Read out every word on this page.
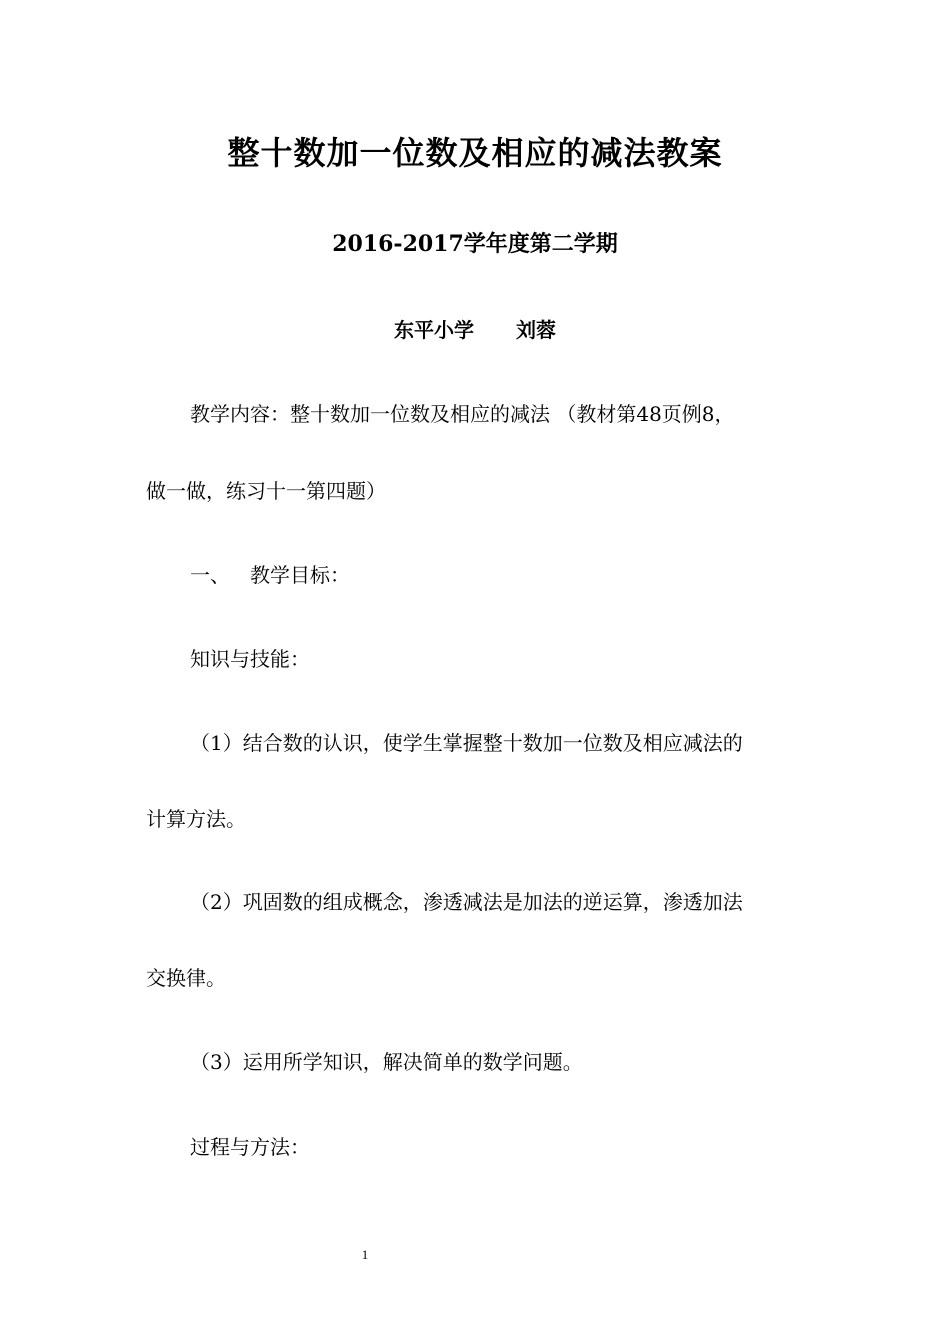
整十数加一位数及相应的减法教案
2016-2017学年度第二学期
东平小学 刘蓉
教学内容：整十数加一位数及相应的减法 （教材第48页例8，
做一做，练习十一第四题）
一、 教学目标：
知识与技能：
（1）结合数的认识，使学生掌握整十数加一位数及相应减法的
计算方法。
（2）巩固数的组成概念，渗透减法是加法的逆运算，渗透加法
交换律。
（3）运用所学知识，解决简单的数学问题。
过程与方法：
1
